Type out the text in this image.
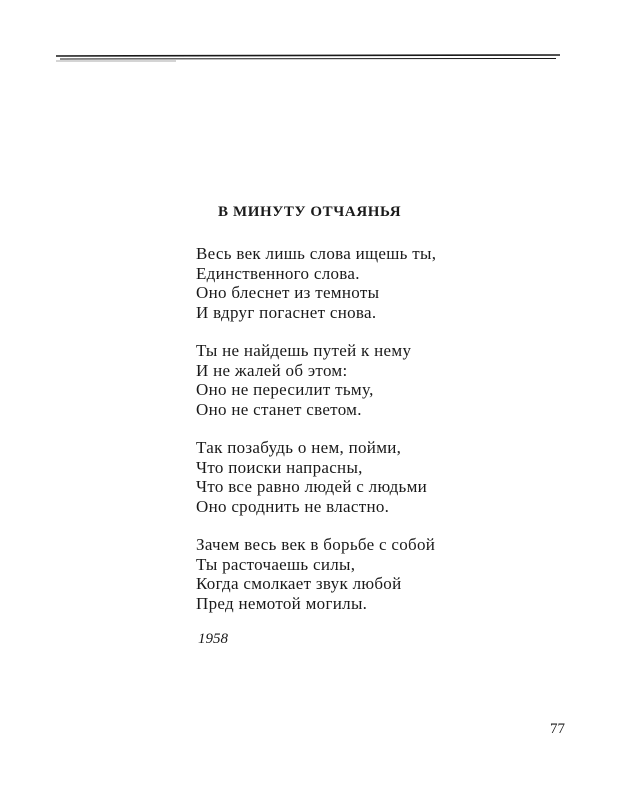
В МИНУТУ ОТЧАЯНЬЯ
Весь век лишь слова ищешь ты,
Единственного слова.
Оно блеснет из темноты
И вдруг погаснет снова.
Ты не найдешь путей к нему
И не жалей об этом:
Оно не пересилит тьму,
Оно не станет светом.
Так позабудь о нем, пойми,
Что поиски напрасны,
Что все равно людей с людьми
Оно сроднить не властно.
Зачем весь век в борьбе с собой
Ты расточаешь силы,
Когда смолкает звук любой
Пред немотой могилы.
1958
77
